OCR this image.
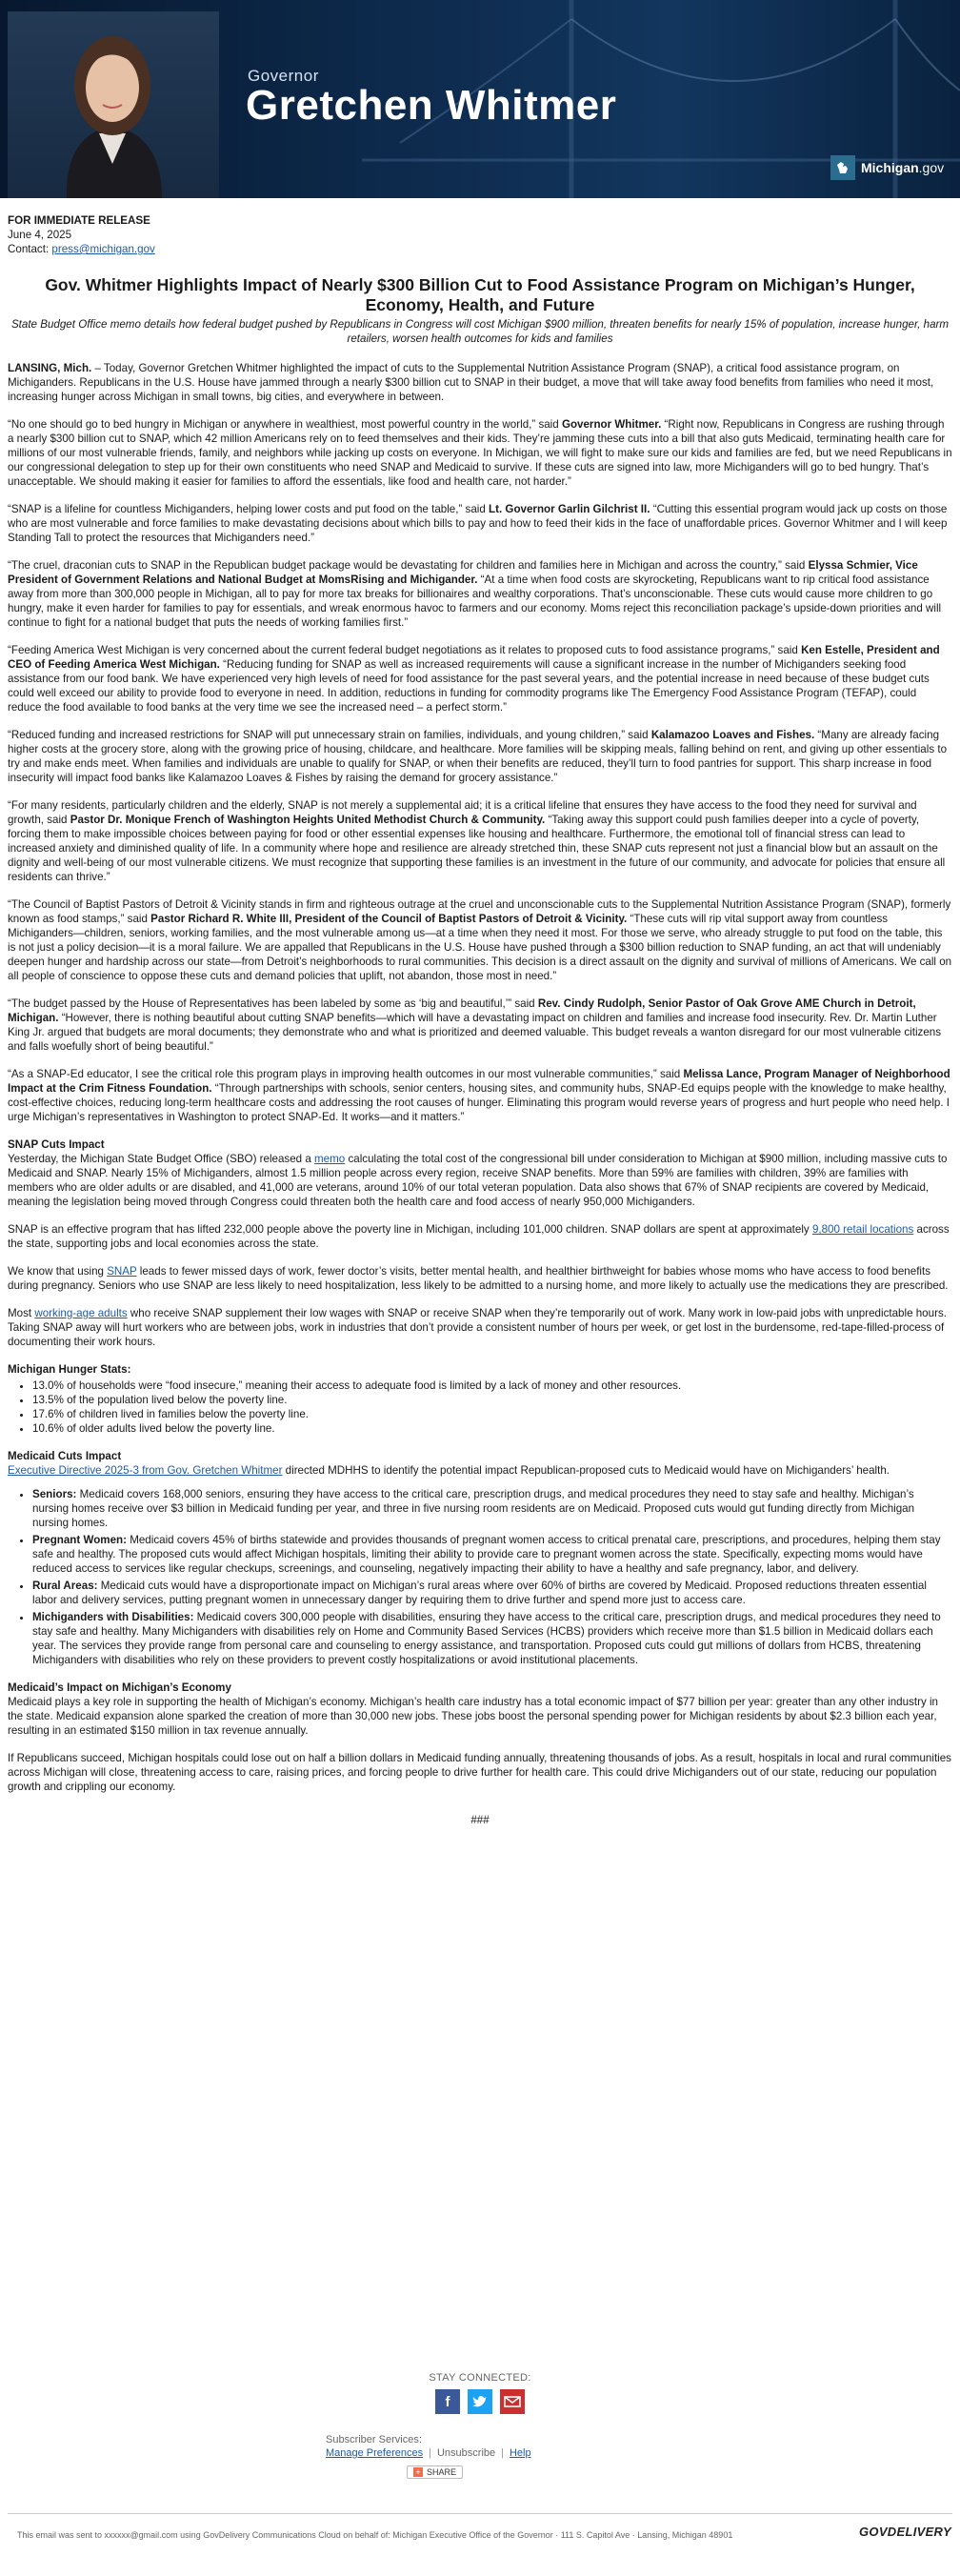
Governor
Gretchen Whitmer
Michigan.gov
FOR IMMEDIATE RELEASE
June 4, 2025
Contact: press@michigan.gov
Gov. Whitmer Highlights Impact of Nearly $300 Billion Cut to Food Assistance Program on Michigan’s Hunger, Economy, Health, and Future
State Budget Office memo details how federal budget pushed by Republicans in Congress will cost Michigan $900 million, threaten benefits for nearly 15% of population, increase hunger, harm retailers, worsen health outcomes for kids and families

LANSING, Mich. – Today, Governor Gretchen Whitmer highlighted the impact of cuts to the Supplemental Nutrition Assistance Program (SNAP), a critical food assistance program, on Michiganders. Republicans in the U.S. House have jammed through a nearly $300 billion cut to SNAP in their budget, a move that will take away food benefits from families who need it most, increasing hunger across Michigan in small towns, big cities, and everywhere in between.

“No one should go to bed hungry in Michigan or anywhere in wealthiest, most powerful country in the world,” said Governor Whitmer. “Right now, Republicans in Congress are rushing through a nearly $300 billion cut to SNAP, which 42 million Americans rely on to feed themselves and their kids. They’re jamming these cuts into a bill that also guts Medicaid, terminating health care for millions of our most vulnerable friends, family, and neighbors while jacking up costs on everyone. In Michigan, we will fight to make sure our kids and families are fed, but we need Republicans in our congressional delegation to step up for their own constituents who need SNAP and Medicaid to survive. If these cuts are signed into law, more Michiganders will go to bed hungry. That’s unacceptable. We should making it easier for families to afford the essentials, like food and health care, not harder.”

“SNAP is a lifeline for countless Michiganders, helping lower costs and put food on the table,” said Lt. Governor Garlin Gilchrist II. “Cutting this essential program would jack up costs on those who are most vulnerable and force families to make devastating decisions about which bills to pay and how to feed their kids in the face of unaffordable prices. Governor Whitmer and I will keep Standing Tall to protect the resources that Michiganders need.”

“The cruel, draconian cuts to SNAP in the Republican budget package would be devastating for children and families here in Michigan and across the country,” said Elyssa Schmier, Vice President of Government Relations and National Budget at MomsRising and Michigander. “At a time when food costs are skyrocketing, Republicans want to rip critical food assistance away from more than 300,000 people in Michigan, all to pay for more tax breaks for billionaires and wealthy corporations. That’s unconscionable. These cuts would cause more children to go hungry, make it even harder for families to pay for essentials, and wreak enormous havoc to farmers and our economy. Moms reject this reconciliation package’s upside-down priorities and will continue to fight for a national budget that puts the needs of working families first.”

“Feeding America West Michigan is very concerned about the current federal budget negotiations as it relates to proposed cuts to food assistance programs,” said Ken Estelle, President and CEO of Feeding America West Michigan. “Reducing funding for SNAP as well as increased requirements will cause a significant increase in the number of Michiganders seeking food assistance from our food bank. We have experienced very high levels of need for food assistance for the past several years, and the potential increase in need because of these budget cuts could well exceed our ability to provide food to everyone in need. In addition, reductions in funding for commodity programs like The Emergency Food Assistance Program (TEFAP), could reduce the food available to food banks at the very time we see the increased need – a perfect storm.”

“Reduced funding and increased restrictions for SNAP will put unnecessary strain on families, individuals, and young children,” said Kalamazoo Loaves and Fishes. “Many are already facing higher costs at the grocery store, along with the growing price of housing, childcare, and healthcare. More families will be skipping meals, falling behind on rent, and giving up other essentials to try and make ends meet. When families and individuals are unable to qualify for SNAP, or when their benefits are reduced, they’ll turn to food pantries for support. This sharp increase in food insecurity will impact food banks like Kalamazoo Loaves & Fishes by raising the demand for grocery assistance.”

“For many residents, particularly children and the elderly, SNAP is not merely a supplemental aid; it is a critical lifeline that ensures they have access to the food they need for survival and growth, said Pastor Dr. Monique French of Washington Heights United Methodist Church & Community. “Taking away this support could push families deeper into a cycle of poverty, forcing them to make impossible choices between paying for food or other essential expenses like housing and healthcare. Furthermore, the emotional toll of financial stress can lead to increased anxiety and diminished quality of life. In a community where hope and resilience are already stretched thin, these SNAP cuts represent not just a financial blow but an assault on the dignity and well-being of our most vulnerable citizens. We must recognize that supporting these families is an investment in the future of our community, and advocate for policies that ensure all residents can thrive.”

“The Council of Baptist Pastors of Detroit & Vicinity stands in firm and righteous outrage at the cruel and unconscionable cuts to the Supplemental Nutrition Assistance Program (SNAP), formerly known as food stamps,” said Pastor Richard R. White III, President of the Council of Baptist Pastors of Detroit & Vicinity. “These cuts will rip vital support away from countless Michiganders—children, seniors, working families, and the most vulnerable among us—at a time when they need it most. For those we serve, who already struggle to put food on the table, this is not just a policy decision—it is a moral failure. We are appalled that Republicans in the U.S. House have pushed through a $300 billion reduction to SNAP funding, an act that will undeniably deepen hunger and hardship across our state—from Detroit’s neighborhoods to rural communities. This decision is a direct assault on the dignity and survival of millions of Americans. We call on all people of conscience to oppose these cuts and demand policies that uplift, not abandon, those most in need.”

“The budget passed by the House of Representatives has been labeled by some as ‘big and beautiful,’” said Rev. Cindy Rudolph, Senior Pastor of Oak Grove AME Church in Detroit, Michigan. “However, there is nothing beautiful about cutting SNAP benefits—which will have a devastating impact on children and families and increase food insecurity. Rev. Dr. Martin Luther King Jr. argued that budgets are moral documents; they demonstrate who and what is prioritized and deemed valuable. This budget reveals a wanton disregard for our most vulnerable citizens and falls woefully short of being beautiful.”

“As a SNAP-Ed educator, I see the critical role this program plays in improving health outcomes in our most vulnerable communities,” said Melissa Lance, Program Manager of Neighborhood Impact at the Crim Fitness Foundation. “Through partnerships with schools, senior centers, housing sites, and community hubs, SNAP-Ed equips people with the knowledge to make healthy, cost-effective choices, reducing long-term healthcare costs and addressing the root causes of hunger. Eliminating this program would reverse years of progress and hurt people who need help. I urge Michigan’s representatives in Washington to protect SNAP-Ed. It works—and it matters.”

SNAP Cuts Impact

Yesterday, the Michigan State Budget Office (SBO) released a memo calculating the total cost of the congressional bill under consideration to Michigan at $900 million, including massive cuts to Medicaid and SNAP. Nearly 15% of Michiganders, almost 1.5 million people across every region, receive SNAP benefits. More than 59% are families with children, 39% are families with members who are older adults or are disabled, and 41,000 are veterans, around 10% of our total veteran population. Data also shows that 67% of SNAP recipients are covered by Medicaid, meaning the legislation being moved through Congress could threaten both the health care and food access of nearly 950,000 Michiganders.

SNAP is an effective program that has lifted 232,000 people above the poverty line in Michigan, including 101,000 children. SNAP dollars are spent at approximately 9,800 retail locations across the state, supporting jobs and local economies across the state.

We know that using SNAP leads to fewer missed days of work, fewer doctor’s visits, better mental health, and healthier birthweight for babies whose moms who have access to food benefits during pregnancy. Seniors who use SNAP are less likely to need hospitalization, less likely to be admitted to a nursing home, and more likely to actually use the medications they are prescribed.

Most working-age adults who receive SNAP supplement their low wages with SNAP or receive SNAP when they’re temporarily out of work. Many work in low-paid jobs with unpredictable hours. Taking SNAP away will hurt workers who are between jobs, work in industries that don’t provide a consistent number of hours per week, or get lost in the burdensome, red-tape-filled-process of documenting their work hours.

Michigan Hunger Stats:
• 13.0% of households were “food insecure,” meaning their access to adequate food is limited by a lack of money and other resources.
• 13.5% of the population lived below the poverty line.
• 17.6% of children lived in families below the poverty line.
• 10.6% of older adults lived below the poverty line.
Medicaid Cuts Impact

Executive Directive 2025-3 from Gov. Gretchen Whitmer directed MDHHS to identify the potential impact Republican-proposed cuts to Medicaid would have on Michiganders’ health.

• Seniors: Medicaid covers 168,000 seniors, ensuring they have access to the critical care, prescription drugs, and medical procedures they need to stay safe and healthy. Michigan’s nursing homes receive over $3 billion in Medicaid funding per year, and three in five nursing room residents are on Medicaid. Proposed cuts would gut funding directly from Michigan nursing homes.
• Pregnant Women: Medicaid covers 45% of births statewide and provides thousands of pregnant women access to critical prenatal care, prescriptions, and procedures, helping them stay safe and healthy. The proposed cuts would affect Michigan hospitals, limiting their ability to provide care to pregnant women across the state. Specifically, expecting moms would have reduced access to services like regular checkups, screenings, and counseling, negatively impacting their ability to have a healthy and safe pregnancy, labor, and delivery.
• Rural Areas: Medicaid cuts would have a disproportionate impact on Michigan’s rural areas where over 60% of births are covered by Medicaid. Proposed reductions threaten essential labor and delivery services, putting pregnant women in unnecessary danger by requiring them to drive further and spend more just to access care.
• Michiganders with Disabilities: Medicaid covers 300,000 people with disabilities, ensuring they have access to the critical care, prescription drugs, and medical procedures they need to stay safe and healthy. Many Michiganders with disabilities rely on Home and Community Based Services (HCBS) providers which receive more than $1.5 billion in Medicaid dollars each year. The services they provide range from personal care and counseling to energy assistance, and transportation. Proposed cuts could gut millions of dollars from HCBS, threatening Michiganders with disabilities who rely on these providers to prevent costly hospitalizations or avoid institutional placements.
Medicaid’s Impact on Michigan’s Economy

Medicaid plays a key role in supporting the health of Michigan’s economy. Michigan’s health care industry has a total economic impact of $77 billion per year: greater than any other industry in the state. Medicaid expansion alone sparked the creation of more than 30,000 new jobs. These jobs boost the personal spending power for Michigan residents by about $2.3 billion each year, resulting in an estimated $150 million in tax revenue annually.

If Republicans succeed, Michigan hospitals could lose out on half a billion dollars in Medicaid funding annually, threatening thousands of jobs. As a result, hospitals in local and rural communities across Michigan will close, threatening access to care, raising prices, and forcing people to drive further for health care. This could drive Michiganders out of our state, reducing our population growth and crippling our economy.

###
STAY CONNECTED:
f
Subscriber Services:
Manage Preferences | Unsubscribe | Help
+ SHARE
This email was sent to xxxxxx@gmail.com using GovDelivery Communications Cloud on behalf of: Michigan Executive Office of the Governor · 111 S. Capitol Ave · Lansing, Michigan 48901	GOVDELIVERY
